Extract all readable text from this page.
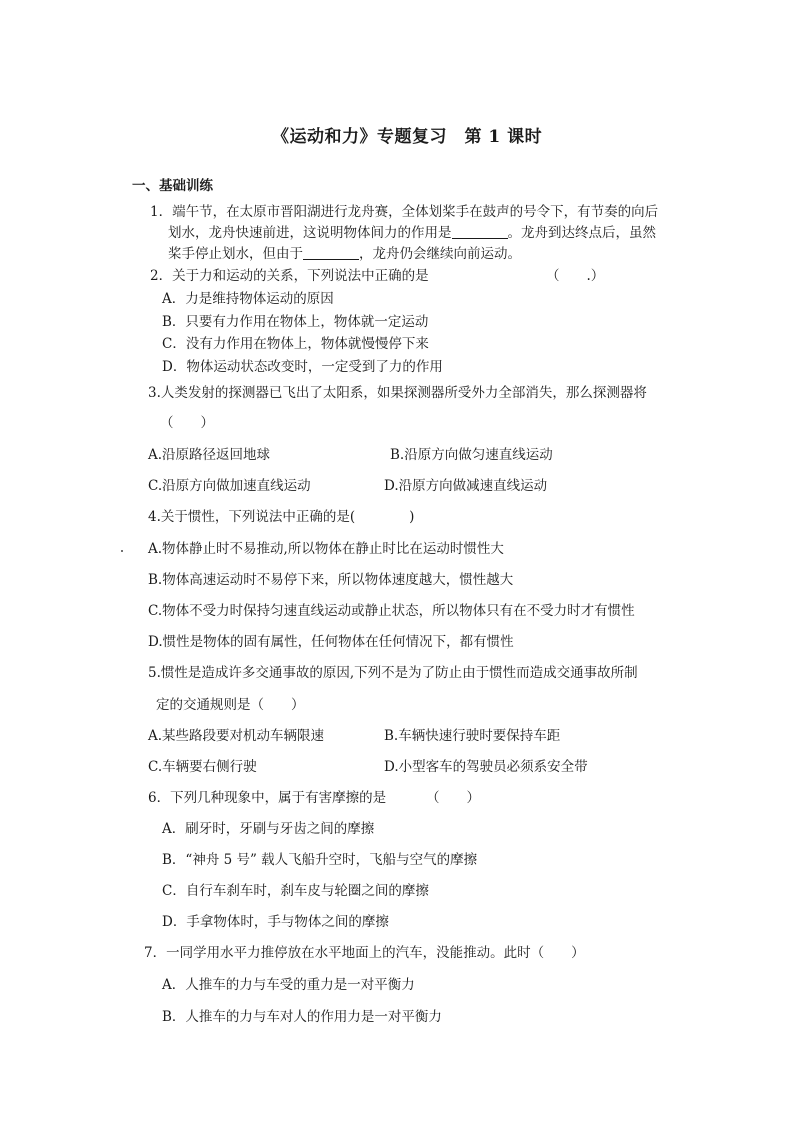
《运动和力》专题复习　第 1 课时
一、基础训练
1．端午节，在太原市晋阳湖进行龙舟赛，全体划桨手在鼓声的号令下，有节奏的向后
划水，龙舟快速前进，这说明物体间力的作用是	。龙舟到达终点后，虽然
桨手停止划水，但由于	，龙舟仍会继续向前运动。
2．关于力和运动的关系，下列说法中正确的是	（　　.）
A．力是维持物体运动的原因
B．只要有力作用在物体上，物体就一定运动
C．没有力作用在物体上，物体就慢慢停下来
D．物体运动状态改变时，一定受到了力的作用
3.人类发射的探测器已飞出了太阳系，如果探测器所受外力全部消失，那么探测器将
（　　）
A.沿原路径返回地球	B.沿原方向做匀速直线运动
C.沿原方向做加速直线运动	D.沿原方向做减速直线运动
4.关于惯性，下列说法中正确的是(　　　　)
A.物体静止时不易推动,所以物体在静止时比在运动时惯性大
B.物体高速运动时不易停下来，所以物体速度越大，惯性越大
C.物体不受力时保持匀速直线运动或静止状态，所以物体只有在不受力时才有惯性
D.惯性是物体的固有属性，任何物体在任何情况下，都有惯性
5.惯性是造成许多交通事故的原因,下列不是为了防止由于惯性而造成交通事故所制
定的交通规则是（　　）
A.某些路段要对机动车辆限速	B.车辆快速行驶时要保持车距
C.车辆要右侧行驶	D.小型客车的驾驶员必须系安全带
6．下列几种现象中，属于有害摩擦的是	（　　）
A．刷牙时，牙刷与牙齿之间的摩擦
B．“神舟 5 号” 载人飞船升空时，飞船与空气的摩擦
C．自行车刹车时，刹车皮与轮圈之间的摩擦
D．手拿物体时，手与物体之间的摩擦
7．一同学用水平力推停放在水平地面上的汽车，没能推动。此时（　　）
A．人推车的力与车受的重力是一对平衡力
B．人推车的力与车对人的作用力是一对平衡力
